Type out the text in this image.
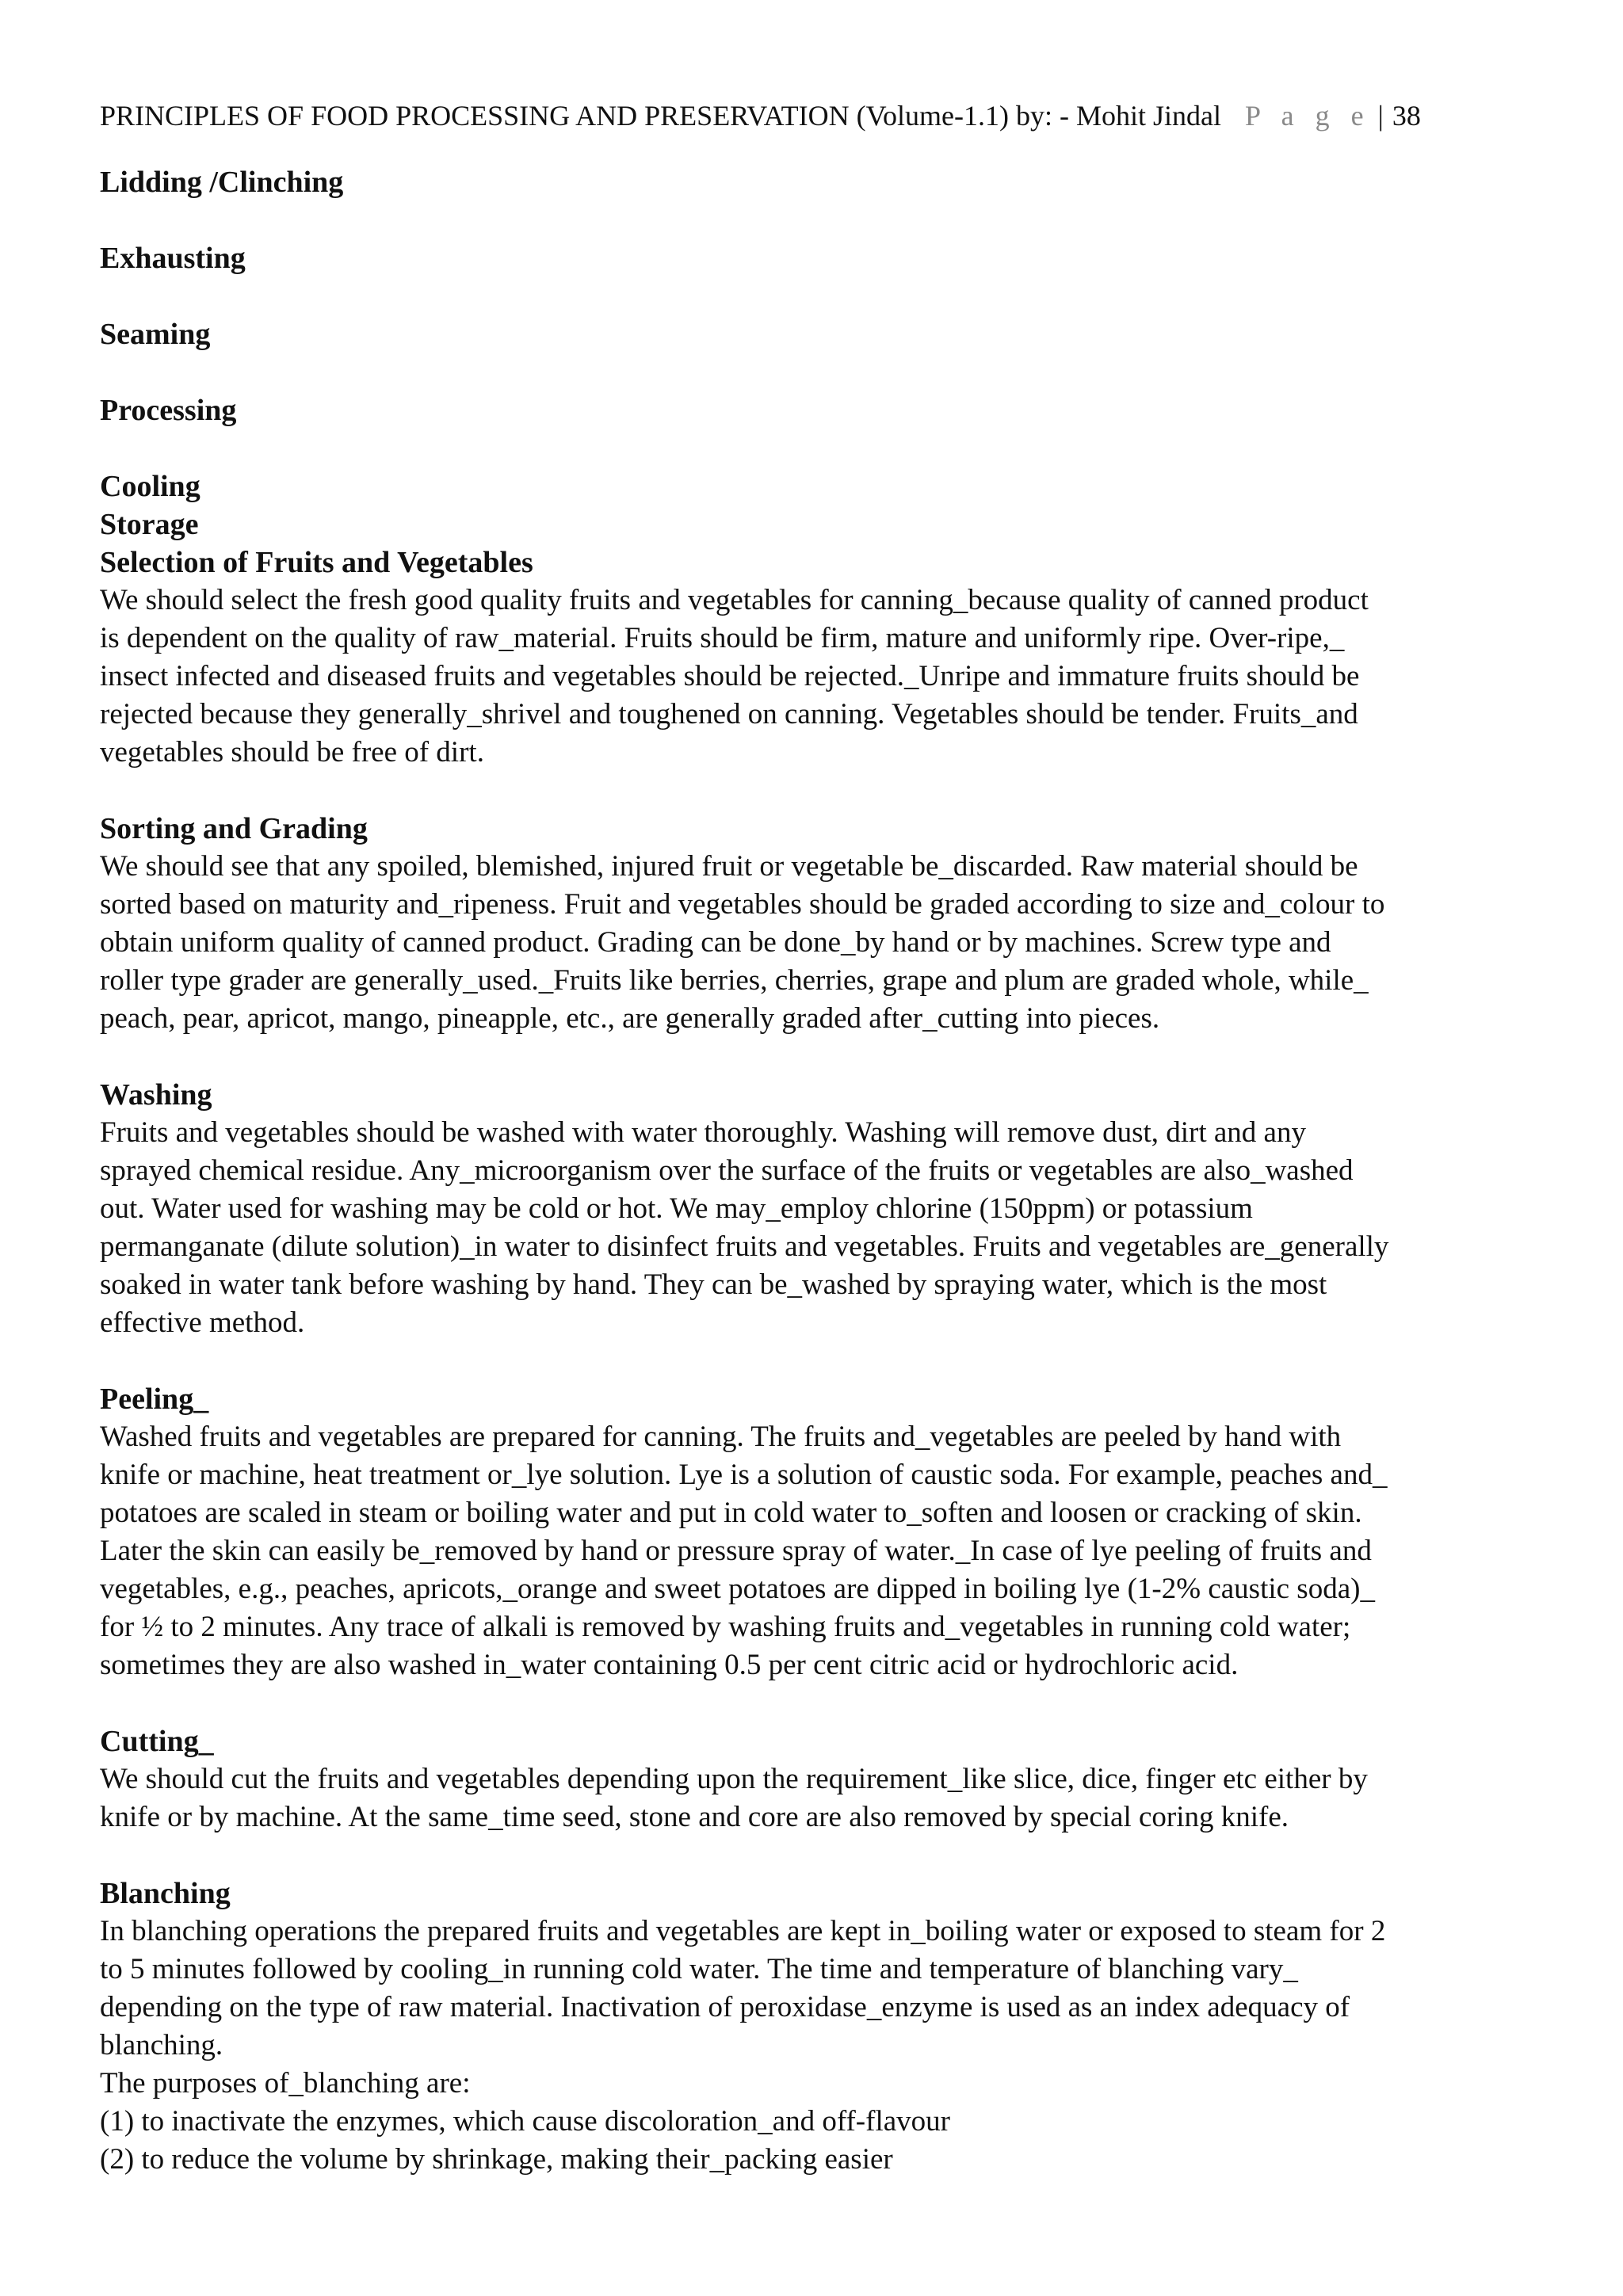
PRINCIPLES OF FOOD PROCESSING AND PRESERVATION (Volume-1.1) by: - Mohit Jindal P a g e | 38

Lidding /Clinching

Exhausting

Seaming

Processing

Cooling

Storage

Selection of Fruits and Vegetables

We should select the fresh good quality fruits and vegetables for canning_because quality of canned product
is dependent on the quality of raw_material. Fruits should be firm, mature and uniformly ripe. Over-ripe,_
insect infected and diseased fruits and vegetables should be rejected._Unripe and immature fruits should be
rejected because they generally_shrivel and toughened on canning. Vegetables should be tender. Fruits_and
vegetables should be free of dirt.

Sorting and Grading

We should see that any spoiled, blemished, injured fruit or vegetable be_discarded. Raw material should be
sorted based on maturity and_ripeness. Fruit and vegetables should be graded according to size and_colour to
obtain uniform quality of canned product. Grading can be done_by hand or by machines. Screw type and
roller type grader are generally_used._Fruits like berries, cherries, grape and plum are graded whole, while_
peach, pear, apricot, mango, pineapple, etc., are generally graded after_cutting into pieces.

Washing

Fruits and vegetables should be washed with water thoroughly. Washing will remove dust, dirt and any
sprayed chemical residue. Any_microorganism over the surface of the fruits or vegetables are also_washed
out. Water used for washing may be cold or hot. We may_employ chlorine (150ppm) or potassium
permanganate (dilute solution)_in water to disinfect fruits and vegetables. Fruits and vegetables are_generally
soaked in water tank before washing by hand. They can be_washed by spraying water, which is the most
effective method.

Peeling_

Washed fruits and vegetables are prepared for canning. The fruits and_vegetables are peeled by hand with
knife or machine, heat treatment or_lye solution. Lye is a solution of caustic soda. For example, peaches and_
potatoes are scaled in steam or boiling water and put in cold water to_soften and loosen or cracking of skin.
Later the skin can easily be_removed by hand or pressure spray of water._In case of lye peeling of fruits and
vegetables, e.g., peaches, apricots,_orange and sweet potatoes are dipped in boiling lye (1-2% caustic soda)_
for ½ to 2 minutes. Any trace of alkali is removed by washing fruits and_vegetables in running cold water;
sometimes they are also washed in_water containing 0.5 per cent citric acid or hydrochloric acid.

Cutting_

We should cut the fruits and vegetables depending upon the requirement_like slice, dice, finger etc either by
knife or by machine. At the same_time seed, stone and core are also removed by special coring knife.

Blanching

In blanching operations the prepared fruits and vegetables are kept in_boiling water or exposed to steam for 2
to 5 minutes followed by cooling_in running cold water. The time and temperature of blanching vary_
depending on the type of raw material. Inactivation of peroxidase_enzyme is used as an index adequacy of
blanching.
The purposes of_blanching are:
(1) to inactivate the enzymes, which cause discoloration_and off-flavour
(2) to reduce the volume by shrinkage, making their_packing easier
